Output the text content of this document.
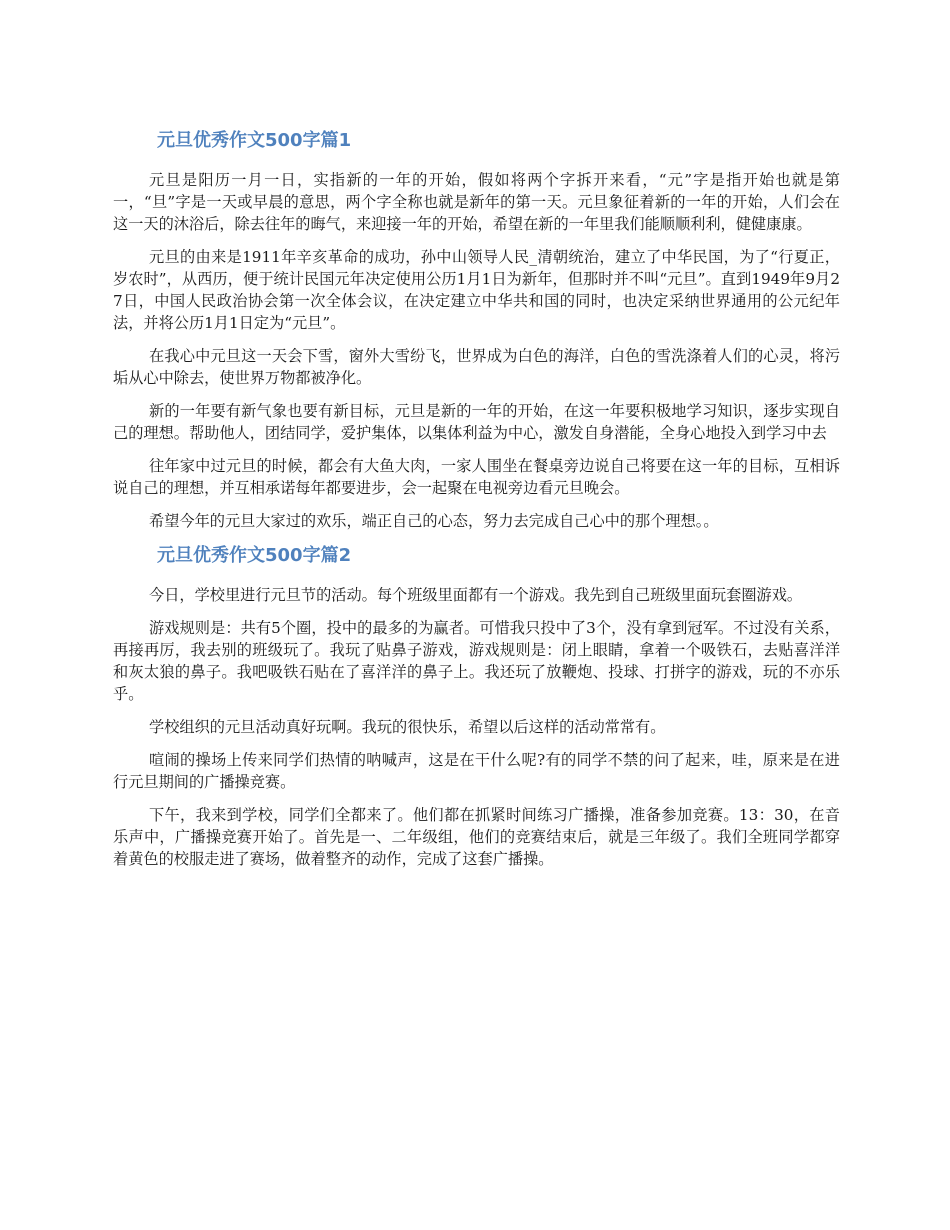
元旦优秀作文500字篇1

元旦是阳历一月一日，实指新的一年的开始，假如将两个字拆开来看，“元”字是指开始也就是第一，“旦”字是一天或早晨的意思，两个字全称也就是新年的第一天。元旦象征着新的一年的开始，人们会在这一天的沐浴后，除去往年的晦气，来迎接一年的开始，希望在新的一年里我们能顺顺利利，健健康康。

元旦的由来是1911年辛亥革命的成功，孙中山领导人民_清朝统治，建立了中华民国，为了“行夏正，岁农时”，从西历，便于统计民国元年决定使用公历1月1日为新年，但那时并不叫“元旦”。直到1949年9月27日，中国人民政治协会第一次全体会议，在决定建立中华共和国的同时，也决定采纳世界通用的公元纪年法，并将公历1月1日定为“元旦”。

在我心中元旦这一天会下雪，窗外大雪纷飞，世界成为白色的海洋，白色的雪洗涤着人们的心灵，将污垢从心中除去，使世界万物都被净化。

新的一年要有新气象也要有新目标，元旦是新的一年的开始，在这一年要积极地学习知识，逐步实现自己的理想。帮助他人，团结同学，爱护集体，以集体利益为中心，激发自身潜能，全身心地投入到学习中去

往年家中过元旦的时候，都会有大鱼大肉，一家人围坐在餐桌旁边说自己将要在这一年的目标，互相诉说自己的理想，并互相承诺每年都要进步，会一起聚在电视旁边看元旦晚会。

希望今年的元旦大家过的欢乐，端正自己的心态，努力去完成自己心中的那个理想。。

元旦优秀作文500字篇2

今日，学校里进行元旦节的活动。每个班级里面都有一个游戏。我先到自己班级里面玩套圈游戏。

游戏规则是：共有5个圈，投中的最多的为赢者。可惜我只投中了3个，没有拿到冠军。不过没有关系，再接再厉，我去别的班级玩了。我玩了贴鼻子游戏，游戏规则是：闭上眼睛，拿着一个吸铁石，去贴喜洋洋和灰太狼的鼻子。我吧吸铁石贴在了喜洋洋的鼻子上。我还玩了放鞭炮、投球、打拼字的游戏，玩的不亦乐乎。

学校组织的元旦活动真好玩啊。我玩的很快乐，希望以后这样的活动常常有。

喧闹的操场上传来同学们热情的呐喊声，这是在干什么呢?有的同学不禁的问了起来，哇，原来是在进行元旦期间的广播操竞赛。

下午，我来到学校，同学们全都来了。他们都在抓紧时间练习广播操，准备参加竞赛。13：30，在音乐声中，广播操竞赛开始了。首先是一、二年级组，他们的竞赛结束后，就是三年级了。我们全班同学都穿着黄色的校服走进了赛场，做着整齐的动作，完成了这套广播操。
